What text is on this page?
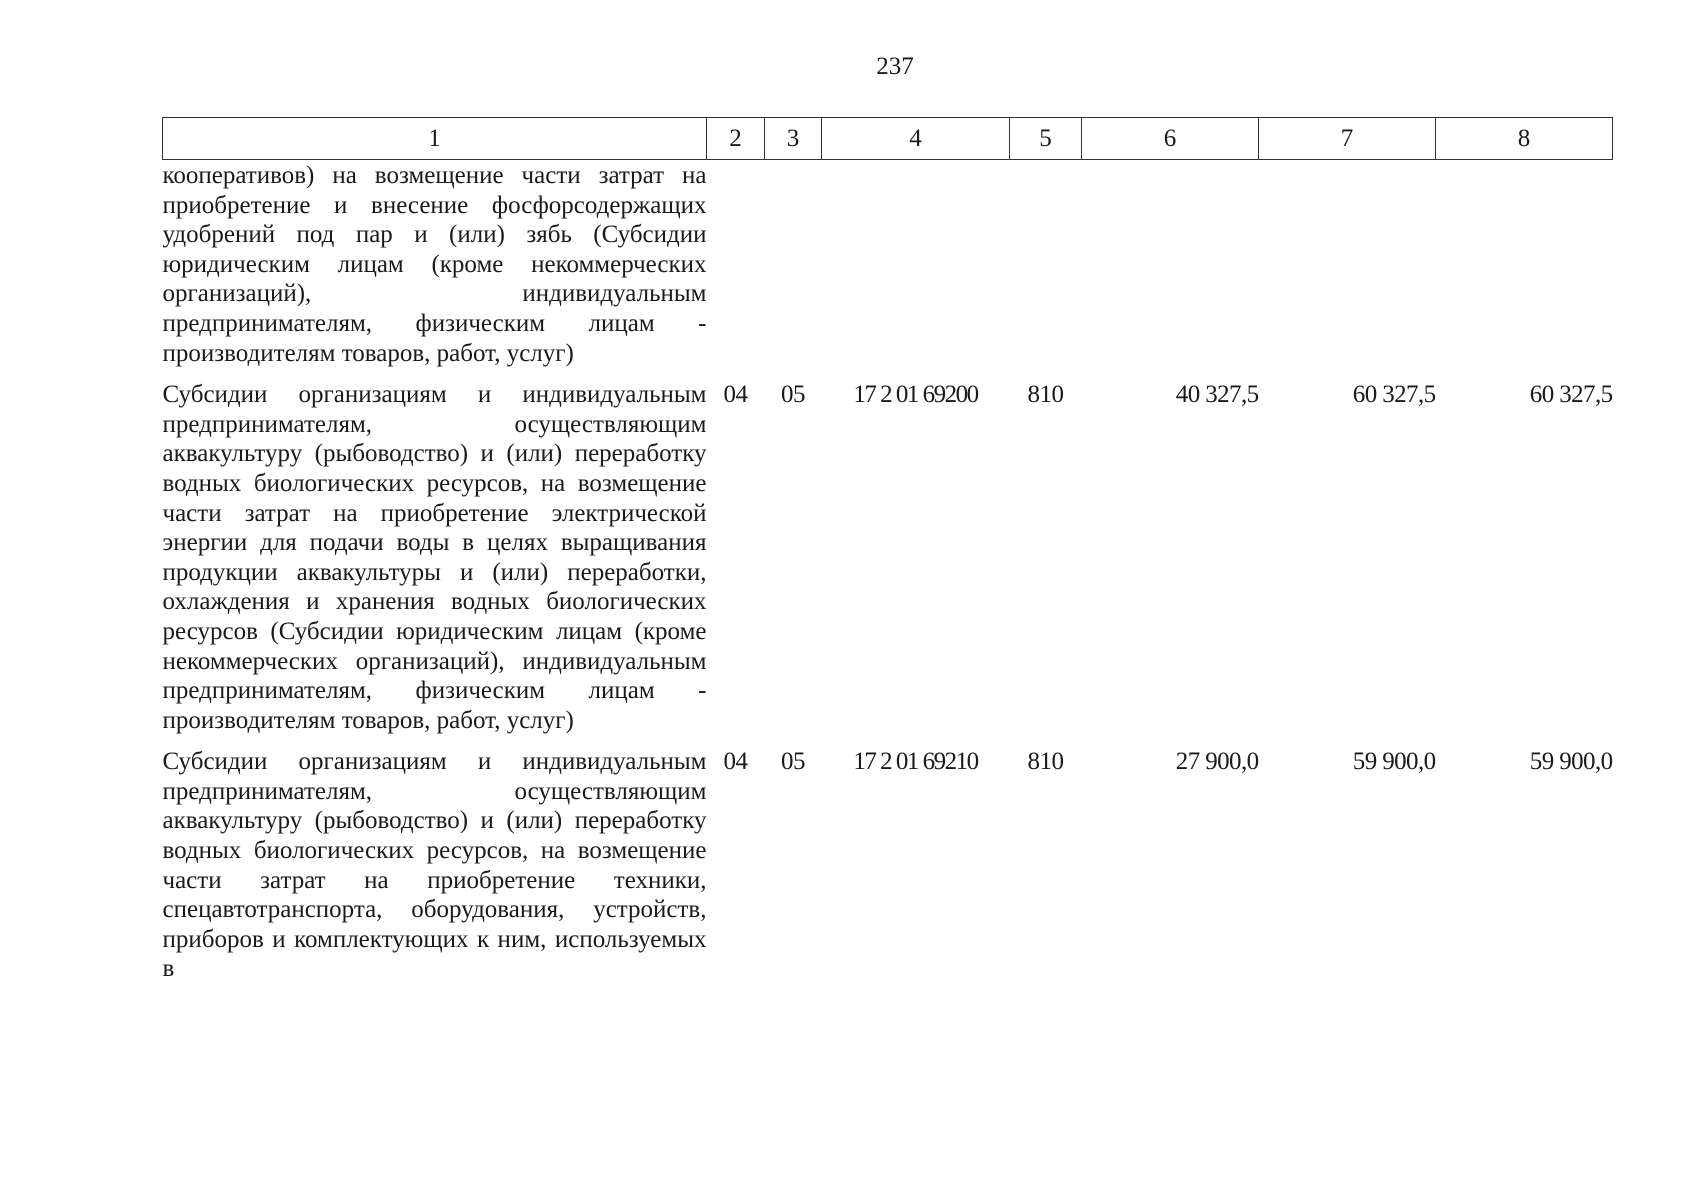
237
1	2	3	4	5	6	7	8
кооперативов) на возмещение части затрат на приобретение и внесение фосфорсодержащих удобрений под пар и (или) зябь (Субсидии юридическим лицам (кроме некоммерческих организаций), индивидуальным предпринимателям, физическим лицам - производителям товаров, работ, услуг)							
Субсидии организациям и индивидуальным предпринимателям, осуществляющим аквакультуру (рыбоводство) и (или) переработку водных биологических ресурсов, на возмещение части затрат на приобретение электрической энергии для подачи воды в целях выращивания продукции аквакультуры и (или) переработки, охлаждения и хранения водных биологических ресурсов (Субсидии юридическим лицам (кроме некоммерческих организаций), индивидуальным предпринимателям, физическим лицам - производителям товаров, работ, услуг)	04	05	17 2 01 69200	810	40 327,5	60 327,5	60 327,5
Субсидии организациям и индивидуальным предпринимателям, осуществляющим аквакультуру (рыбоводство) и (или) переработку водных биологических ресурсов, на возмещение части затрат на приобретение техники, спецавтотранспорта, оборудования, устройств, приборов и комплектующих к ним, используемых в	04	05	17 2 01 69210	810	27 900,0	59 900,0	59 900,0
